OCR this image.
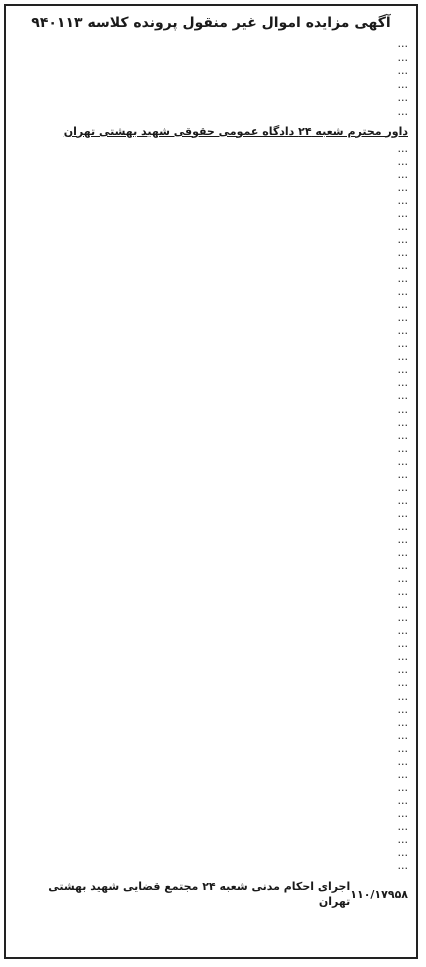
آگهی مزایده اموال غیر منقول پرونده کلاسه ۹۴۰۱۱۳

…

…

…

…

…

…

داور محترم شعبه ۲۴ دادگاه عمومی حقوقی شهید بهشتی تهران

…

…

…

…

…

…

…

…

…

…

…

…

…

…

…

…

…

…

…

…

…

…

…

…

…

…

…

…

…

…

…

…

…

…

…

…

…

…

…

…

…

…

…

…

…

…

…

…

…

…

…

…

…

…

…

…

۱۱۰/۱۷۹۵۸
اجرای احکام مدنی شعبه ۲۴ مجتمع قضایی شهید بهشتی تهران
